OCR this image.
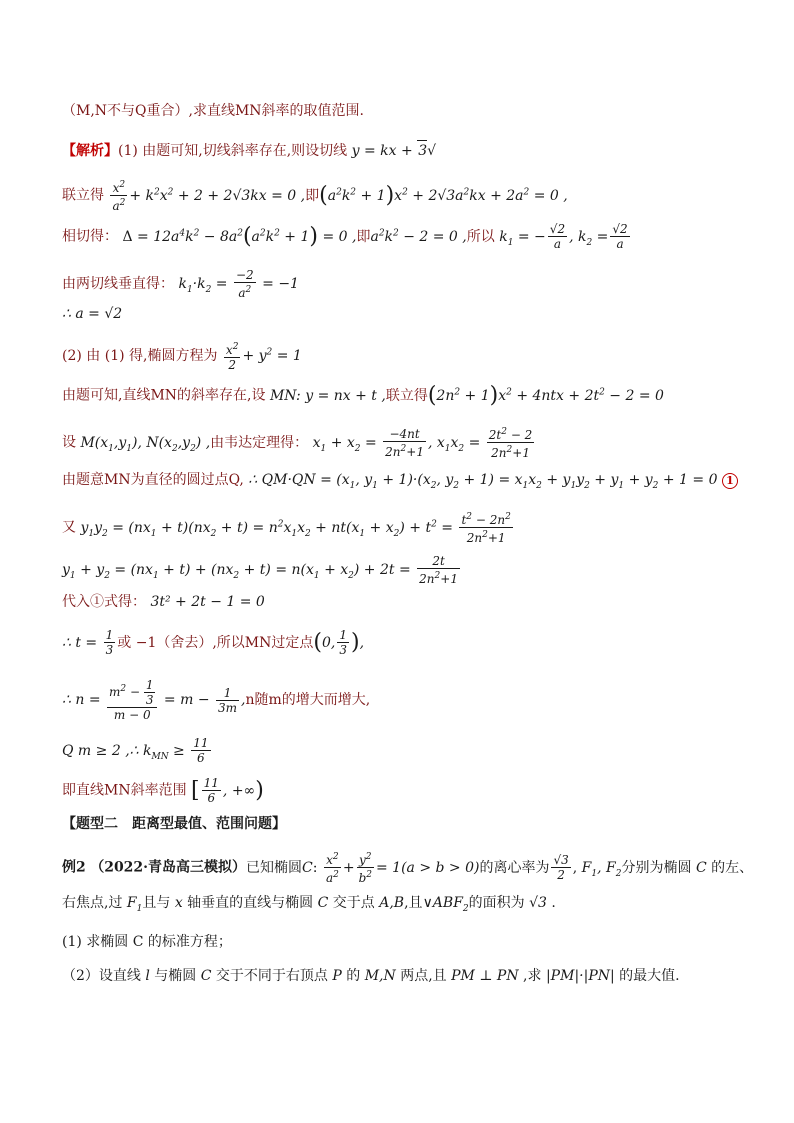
（M,N不与Q重合）,求直线MN斜率的取值范围.
【解析】(1) 由题可知,切线斜率存在,则设切线 y = kx + 3√
联立得 $\frac{x^2}{a^2} + k^2x^2 + 2 + 2√3kx = 0$ ,即$(a^2k^2 + 1)x^2 + 2√3a^2kx + 2a^2 = 0$ ,
相切得： $\Delta = 12a^4k^2 - 8a^2(a^2k^2 + 1) = 0$ ,即$a^2k^2 - 2 = 0$ ,所以 $k_1$ = − $\frac{√2}{a}$ , $k_2 = \frac{√2}{a}$
由两切线垂直得： $k_1\cdot k_2 = \frac{-2}{a^2} = -1$
∴ a = √2
(2) 由 (1) 得,椭圆方程为 $\frac{x^2}{2} + y^2 = 1$
由题可知,直线MN的斜率存在,设 MN: y = nx + t ,联立得$(2n^2 + 1)x^2 + 4ntx + 2t^2 - 2 = 0$
设 $M(x_1,y_1)$, $N(x_2,y_2)$ ,由韦达定理得： $x_1 + x_2 = \frac{-4nt}{2n^2+1}$ , $x_1x_2 = \frac{2t^2 - 2}{2n^2+1}$
由题意MN为直径的圆过点Q, ∴ $QM\cdot QN = (x_1$, $y_1 + 1)\cdot(x_2$, $y_2 + 1) = x_1x_2 + y_1y_2 + y_1 + y_2 + 1 = 0$ 1
又 $y_1y_2 = (nx_1 + t)(nx_2 + t) = n^2x_1x_2 + nt(x_1 + x_2) + t^2 = \frac{t^2 - 2n^2}{2n^2+1}$
$y_1 + y_2 = (nx_1 + t) + (nx_2 + t) = n(x_1 + x_2) + 2t = \frac{2t}{2n^2+1}$
代入①式得： 3t² + 2t − 1 = 0
∴ $t = \frac{1}{3}$ 或 −1（舍去）,所以MN过定点(0, $\frac{1}{3}$ ),
∴ $n = \frac{m^2 - \frac{1}{3}}{m - 0} = m - \frac{1}{3m} ,n$随m的增大而增大,
Q m ≥ 2 ,∴ $k_{MN} \ge \frac{11}{6}$
即直线MN斜率范围 [ $\frac{11}{6}$ , +∞)
【题型二　距离型最值、范围问题】
例2 （2022·青岛高三模拟）已知椭圆C: $\frac{x^2}{a^2} + \frac{y^2}{b^2} = 1(a > b > 0)$的离心率为 $\frac{√3}{2}$ , $F_1$, $F_2$分别为椭圆 C 的左、
右焦点,过 $F_1$且与 x 轴垂直的直线与椭圆 C 交于点 A,B,且$\vee ABF_2$的面积为 √3 .
(1) 求椭圆 C 的标准方程；
（2）设直线 l 与椭圆 C 交于不同于右顶点 P 的 M,N 两点,且 PM ⊥ PN ,求 |PM|·|PN| 的最大值.
